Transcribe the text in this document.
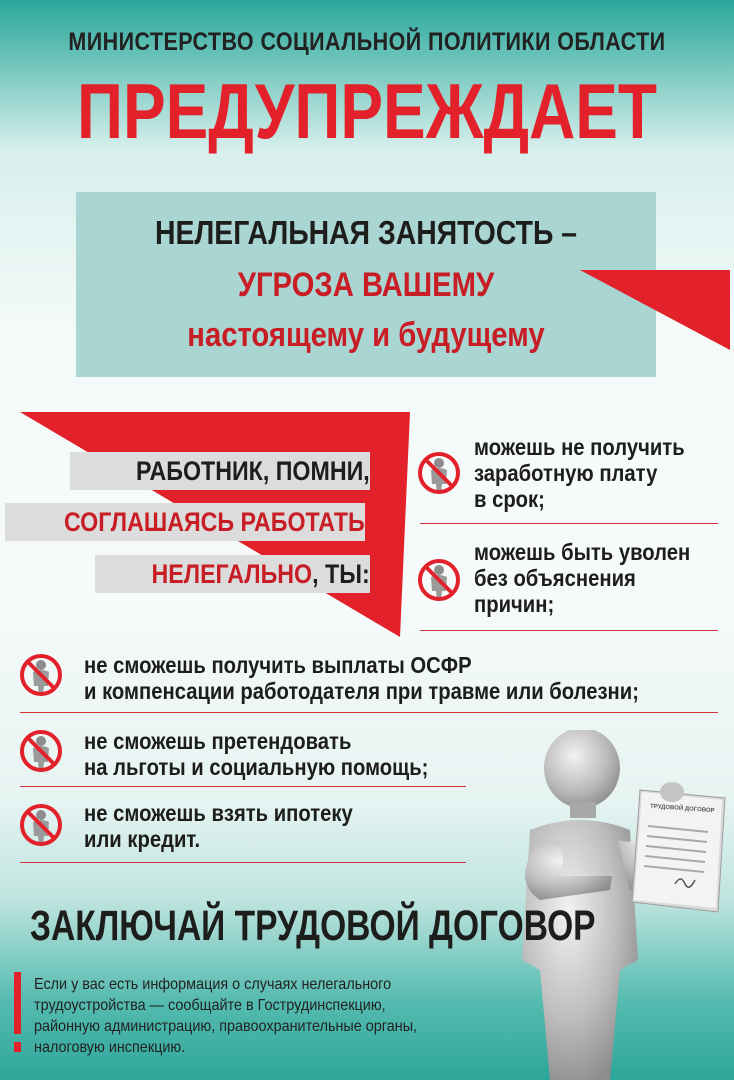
МИНИСТЕРСТВО СОЦИАЛЬНОЙ ПОЛИТИКИ ОБЛАСТИ
ПРЕДУПРЕЖДАЕТ
НЕЛЕГАЛЬНАЯ ЗАНЯТОСТЬ –
УГРОЗА ВАШЕМУ
настоящему и будущему
РАБОТНИК, ПОМНИ,
СОГЛАШАЯСЬ РАБОТАТЬ
НЕЛЕГАЛЬНО, ТЫ:
можешь не получить
заработную плату
в срок;
можешь быть уволен
без объяснения
причин;
не сможешь получить выплаты ОСФР
и компенсации работодателя при травме или болезни;
не сможешь претендовать
на льготы и социальную помощь;
не сможешь взять ипотеку
или кредит.
ТРУДОВОЙ ДОГОВОР
ЗАКЛЮЧАЙ ТРУДОВОЙ ДОГОВОР
Если у вас есть информация о случаях нелегального
трудоустройства — сообщайте в Гострудинспекцию,
районную администрацию, правоохранительные органы,
налоговую инспекцию.
